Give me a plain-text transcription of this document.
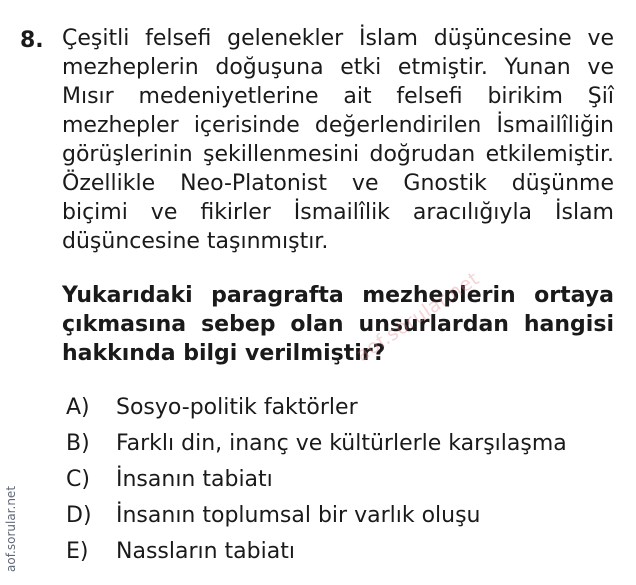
8. Çeşitli felsefi gelenekler İslam düşüncesine ve mezheplerin doğuşuna etki etmiştir. Yunan ve Mısır medeniyetlerine ait felsefi birikim Şiî mezhepler içerisinde değerlendirilen İsmailîliğin görüşlerinin şekillenmesini doğrudan etkilemiştir. Özellikle Neo-Platonist ve Gnostik düşünme biçimi ve fikirler İsmailîlik aracılığıyla İslam düşüncesine taşınmıştır.

Yukarıdaki paragrafta mezheplerin ortaya çıkmasına sebep olan unsurlardan hangisi hakkında bilgi verilmiştir?

A) Sosyo-politik faktörler
B) Farklı din, inanç ve kültürlerle karşılaşma
C) İnsanın tabiatı
D) İnsanın toplumsal bir varlık oluşu
E) Nassların tabiatı
aof.sorular.net
aof.sorular.net
